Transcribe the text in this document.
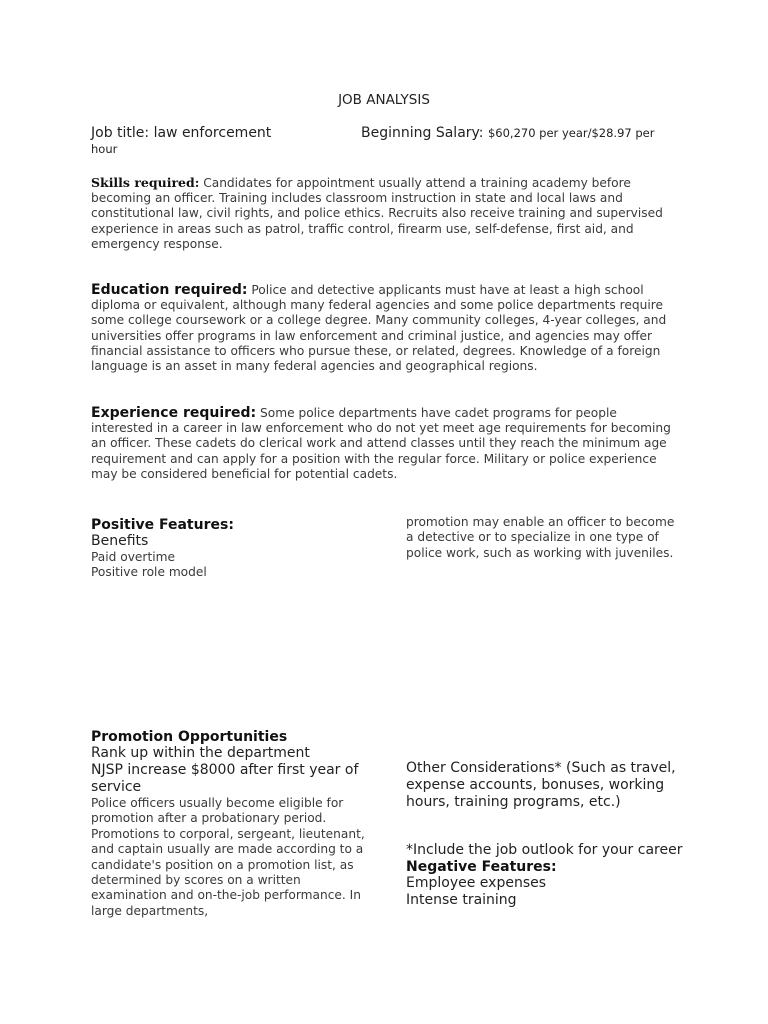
JOB ANALYSIS
Job title: law enforcement	Beginning Salary: $60,270 per year/$28.97 per
hour
Skills required: Candidates for appointment usually attend a training academy before becoming an officer. Training includes classroom instruction in state and local laws and constitutional law, civil rights, and police ethics. Recruits also receive training and supervised experience in areas such as patrol, traffic control, firearm use, self-defense, first aid, and emergency response.
Education required: Police and detective applicants must have at least a high school diploma or equivalent, although many federal agencies and some police departments require some college coursework or a college degree. Many community colleges, 4-year colleges, and universities offer programs in law enforcement and criminal justice, and agencies may offer financial assistance to officers who pursue these, or related, degrees. Knowledge of a foreign language is an asset in many federal agencies and geographical regions.
Experience required: Some police departments have cadet programs for people interested in a career in law enforcement who do not yet meet age requirements for becoming an officer. These cadets do clerical work and attend classes until they reach the minimum age requirement and can apply for a position with the regular force. Military or police experience may be considered beneficial for potential cadets.
Positive Features:
Benefits
Paid overtime
Positive role model
promotion may enable an officer to become a detective or to specialize in one type of police work, such as working with juveniles.
Promotion Opportunities
Rank up within the department
NJSP increase $8000 after first year of service
Police officers usually become eligible for promotion after a probationary period. Promotions to corporal, sergeant, lieutenant, and captain usually are made according to a candidate's position on a promotion list, as determined by scores on a written examination and on-the-job performance. In large departments,
Other Considerations* (Such as travel, expense accounts, bonuses, working hours, training programs, etc.)
*Include the job outlook for your career
Negative Features:
Employee expenses
Intense training
